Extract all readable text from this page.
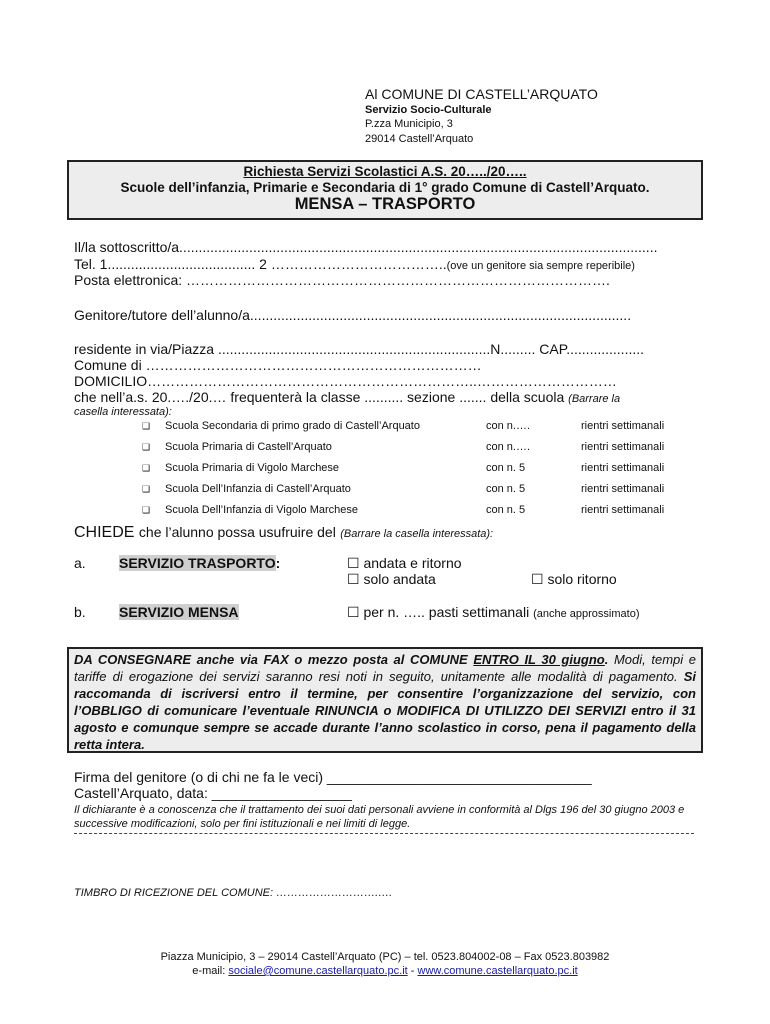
Al COMUNE DI CASTELL’ARQUATO
Servizio Socio-Culturale
P.zza Municipio, 3
29014 Castell’Arquato
Richiesta Servizi Scolastici A.S. 20…../20…..
Scuole dell’infanzia, Primarie e Secondaria di 1° grado Comune di Castell’Arquato.
MENSA – TRASPORTO
Il/la sottoscritto/a...........................................................................................................................
Tel. 1...................................... 2 ………………………………..(ove un genitore sia sempre reperibile)
Posta elettronica: ……………………………………………………………………………….
Genitore/tutore dell’alunno/a..................................................................................................
residente in via/Piazza ......................................................................N......... CAP....................
Comune di ………………………………………………………………
DOMICILIO……………………………………………………………..…………………………
che nell’a.s. 20.…./20.… frequenterà la classe .......... sezione ....... della scuola (Barrare la
casella interessata):
❑ Scuola Secondaria di primo grado di Castell’Arquato	con n.….	rientri settimanali
❑ Scuola Primaria di Castell’Arquato	con n.….	rientri settimanali
❑ Scuola Primaria di Vigolo Marchese	con n. 5	rientri settimanali
❑ Scuola Dell’Infanzia di Castell’Arquato	con n. 5	rientri settimanali
❑ Scuola Dell’Infanzia di Vigolo Marchese	con n. 5	rientri settimanali
CHIEDE che l’alunno possa usufruire del (Barrare la casella interessata):
a. SERVIZIO TRASPORTO:	☐ andata e ritorno
☐ solo andata	☐ solo ritorno
b. SERVIZIO MENSA	☐ per n. ….. pasti settimanali (anche approssimato)

DA CONSEGNARE anche via FAX o mezzo posta al COMUNE ENTRO IL 30 giugno. Modi, tempi e tariffe di erogazione dei servizi saranno resi noti in seguito, unitamente alle modalità di pagamento. Si raccomanda di iscriversi entro il termine, per consentire l’organizzazione del servizio, con l’OBBLIGO di comunicare l’eventuale RINUNCIA o MODIFICA DI UTILIZZO DEI SERVIZI entro il 31 agosto e comunque sempre se accade durante l’anno scolastico in corso, pena il pagamento della retta intera.

Firma del genitore (o di chi ne fa le veci) __________________________________
Castell’Arquato, data: __________________
Il dichiarante è a conoscenza che il trattamento dei suoi dati personali avviene in conformità al Dlgs 196 del 30 giugno 2003 e successive modificazioni, solo per fini istituzionali e nei limiti di legge.
TIMBRO DI RICEZIONE DEL COMUNE: ……………………….….
Piazza Municipio, 3 – 29014 Castell’Arquato (PC) – tel. 0523.804002-08 – Fax 0523.803982
e-mail: sociale@comune.castellarquato.pc.it - www.comune.castellarquato.pc.it
